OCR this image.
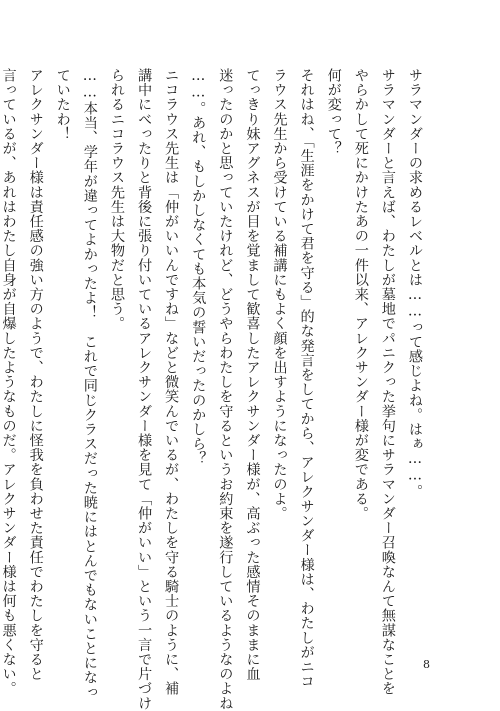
サラマンダーの求めるレベルとは……って感じよね。はぁ……。
サラマンダーと言えば、わたしが墓地でパニクった挙句にサラマンダー召喚なんて無謀なことを
やらかして死にかけたあの一件以来、アレクサンダー様が変である。
何が変って？
それはね、「生涯をかけて君を守る」的な発言をしてから、アレクサンダー様は、わたしがニコ
ラウス先生から受けている補講にもよく顔を出すようになったのよ。
てっきり妹アグネスが目を覚まして歓喜したアレクサンダー様が、高ぶった感情そのままに血
迷ったのかと思っていたけれど、どうやらわたしを守るというお約束を遂行しているようなのよね
……。あれ、もしかしなくても本気の誓いだったのかしら？
ニコラウス先生は「仲がいいんですね」などと微笑んでいるが、わたしを守る騎士のように、補
講中にべったりと背後に張り付いているアレクサンダー様を見て「仲がいい」という一言で片づけ
られるニコラウス先生は大物だと思う。
……本当、学年が違ってよかったよ！　これで同じクラスだった暁にはとんでもないことになっ
ていたわ！
アレクサンダー様は責任感の強い方のようで、わたしに怪我を負わせた責任でわたしを守ると
言っているが、あれはわたし自身が自爆したようなものだ。アレクサンダー様は何も悪くない。	8
